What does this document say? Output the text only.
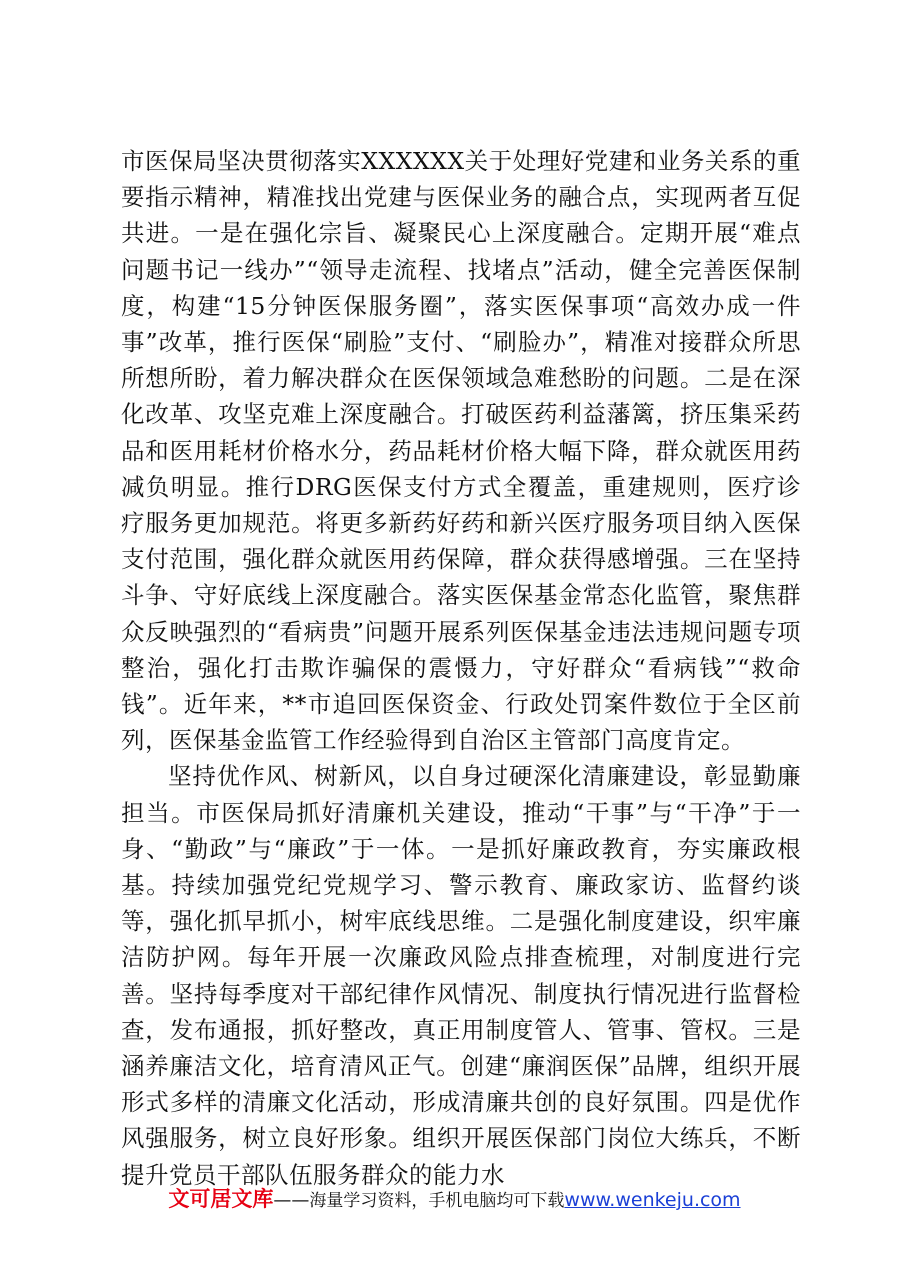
市医保局坚决贯彻落实XXXXXX关于处理好党建和业务关系的重要指示精神，精准找出党建与医保业务的融合点，实现两者互促共进。一是在强化宗旨、凝聚民心上深度融合。定期开展“难点问题书记一线办”“领导走流程、找堵点”活动，健全完善医保制度，构建“15分钟医保服务圈”，落实医保事项“高效办成一件事”改革，推行医保“刷脸”支付、“刷脸办”，精准对接群众所思所想所盼，着力解决群众在医保领域急难愁盼的问题。二是在深化改革、攻坚克难上深度融合。打破医药利益藩篱，挤压集采药品和医用耗材价格水分，药品耗材价格大幅下降，群众就医用药减负明显。推行DRG医保支付方式全覆盖，重建规则，医疗诊疗服务更加规范。将更多新药好药和新兴医疗服务项目纳入医保支付范围，强化群众就医用药保障，群众获得感增强。三在坚持斗争、守好底线上深度融合。落实医保基金常态化监管，聚焦群众反映强烈的“看病贵”问题开展系列医保基金违法违规问题专项整治，强化打击欺诈骗保的震慑力，守好群众“看病钱”“救命钱”。近年来，**市追回医保资金、行政处罚案件数位于全区前列，医保基金监管工作经验得到自治区主管部门高度肯定。

坚持优作风、树新风，以自身过硬深化清廉建设，彰显勤廉担当。市医保局抓好清廉机关建设，推动“干事”与“干净”于一身、“勤政”与“廉政”于一体。一是抓好廉政教育，夯实廉政根基。持续加强党纪党规学习、警示教育、廉政家访、监督约谈等，强化抓早抓小，树牢底线思维。二是强化制度建设，织牢廉洁防护网。每年开展一次廉政风险点排查梳理，对制度进行完善。坚持每季度对干部纪律作风情况、制度执行情况进行监督检查，发布通报，抓好整改，真正用制度管人、管事、管权。三是涵养廉洁文化，培育清风正气。创建“廉润医保”品牌，组织开展形式多样的清廉文化活动，形成清廉共创的良好氛围。四是优作风强服务，树立良好形象。组织开展医保部门岗位大练兵，不断提升党员干部队伍服务群众的能力水

文可居文库——海量学习资料，手机电脑均可下载www.wenkeju.com
